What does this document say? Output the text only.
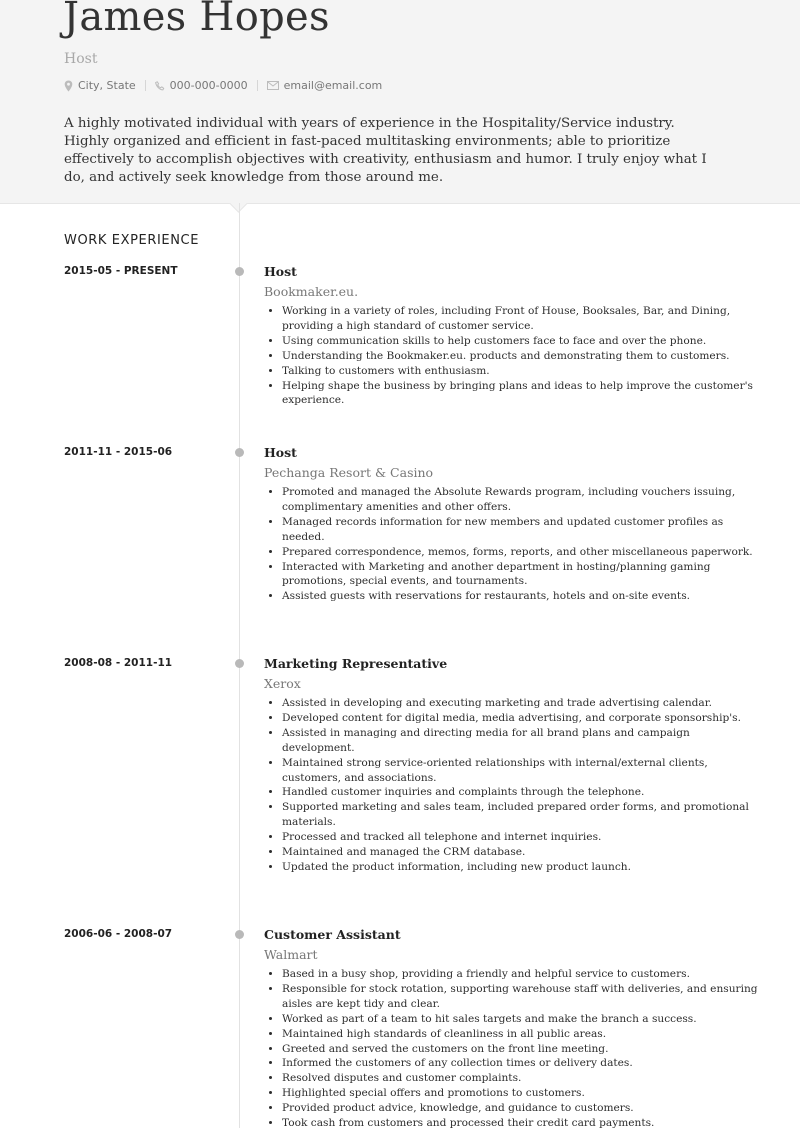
James Hopes
Host
City, State	000-000-0000	email@email.com

A highly motivated individual with years of experience in the Hospitality/Service industry. Highly organized and efficient in fast-paced multitasking environments; able to prioritize effectively to accomplish objectives with creativity, enthusiasm and humor. I truly enjoy what I do, and actively seek knowledge from those around me.

WORK EXPERIENCE
2015-05 - PRESENT	Host
Bookmaker.eu.
• Working in a variety of roles, including Front of House, Booksales, Bar, and Dining, providing a high standard of customer service.
• Using communication skills to help customers face to face and over the phone.
• Understanding the Bookmaker.eu. products and demonstrating them to customers.
• Talking to customers with enthusiasm.
• Helping shape the business by bringing plans and ideas to help improve the customer's experience.
2011-11 - 2015-06	Host
Pechanga Resort & Casino
• Promoted and managed the Absolute Rewards program, including vouchers issuing, complimentary amenities and other offers.
• Managed records information for new members and updated customer profiles as needed.
• Prepared correspondence, memos, forms, reports, and other miscellaneous paperwork.
• Interacted with Marketing and another department in hosting/planning gaming promotions, special events, and tournaments.
• Assisted guests with reservations for restaurants, hotels and on-site events.
2008-08 - 2011-11	Marketing Representative
Xerox
• Assisted in developing and executing marketing and trade advertising calendar.
• Developed content for digital media, media advertising, and corporate sponsorship's.
• Assisted in managing and directing media for all brand plans and campaign development.
• Maintained strong service-oriented relationships with internal/external clients, customers, and associations.
• Handled customer inquiries and complaints through the telephone.
• Supported marketing and sales team, included prepared order forms, and promotional materials.
• Processed and tracked all telephone and internet inquiries.
• Maintained and managed the CRM database.
• Updated the product information, including new product launch.
2006-06 - 2008-07	Customer Assistant
Walmart
• Based in a busy shop, providing a friendly and helpful service to customers.
• Responsible for stock rotation, supporting warehouse staff with deliveries, and ensuring aisles are kept tidy and clear.
• Worked as part of a team to hit sales targets and make the branch a success.
• Maintained high standards of cleanliness in all public areas.
• Greeted and served the customers on the front line meeting.
• Informed the customers of any collection times or delivery dates.
• Resolved disputes and customer complaints.
• Highlighted special offers and promotions to customers.
• Provided product advice, knowledge, and guidance to customers.
• Took cash from customers and processed their credit card payments.
